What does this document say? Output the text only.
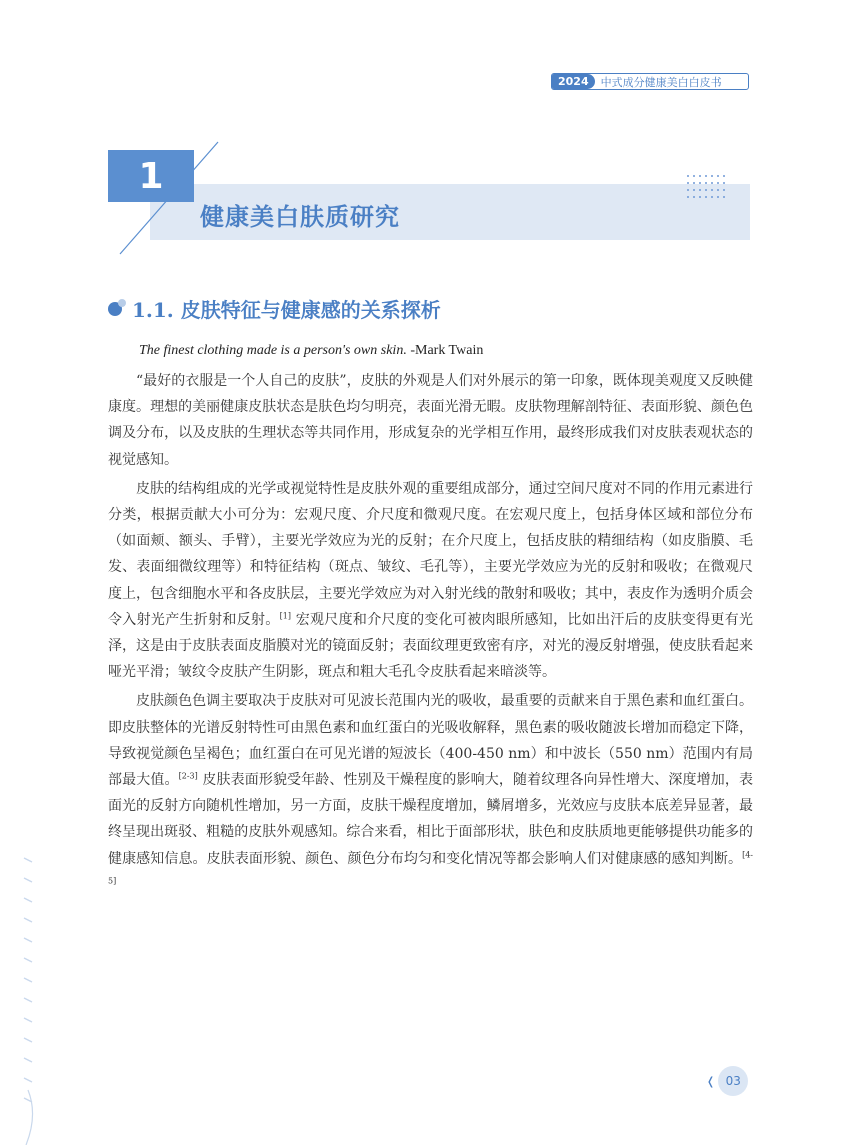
2024	中式成分健康美白白皮书
1
健康美白肤质研究
1.1. 皮肤特征与健康感的关系探析
The finest clothing made is a person's own skin. -Mark Twain

“最好的衣服是一个人自己的皮肤”，皮肤的外观是人们对外展示的第一印象，既体现美观度又反映健康度。理想的美丽健康皮肤状态是肤色均匀明亮，表面光滑无暇。皮肤物理解剖特征、表面形貌、颜色色调及分布，以及皮肤的生理状态等共同作用，形成复杂的光学相互作用，最终形成我们对皮肤表观状态的视觉感知。

皮肤的结构组成的光学或视觉特性是皮肤外观的重要组成部分，通过空间尺度对不同的作用元素进行分类，根据贡献大小可分为：宏观尺度、介尺度和微观尺度。在宏观尺度上，包括身体区域和部位分布（如面颊、额头、手臂），主要光学效应为光的反射；在介尺度上，包括皮肤的精细结构（如皮脂膜、毛发、表面细微纹理等）和特征结构（斑点、皱纹、毛孔等），主要光学效应为光的反射和吸收；在微观尺度上，包含细胞水平和各皮肤层，主要光学效应为对入射光线的散射和吸收；其中，表皮作为透明介质会令入射光产生折射和反射。[1] 宏观尺度和介尺度的变化可被肉眼所感知，比如出汗后的皮肤变得更有光泽，这是由于皮肤表面皮脂膜对光的镜面反射；表面纹理更致密有序，对光的漫反射增强，使皮肤看起来哑光平滑；皱纹令皮肤产生阴影，斑点和粗大毛孔令皮肤看起来暗淡等。

皮肤颜色色调主要取决于皮肤对可见波长范围内光的吸收，最重要的贡献来自于黑色素和血红蛋白。即皮肤整体的光谱反射特性可由黑色素和血红蛋白的光吸收解释，黑色素的吸收随波长增加而稳定下降，导致视觉颜色呈褐色；血红蛋白在可见光谱的短波长（400-450 nm）和中波长（550 nm）范围内有局部最大值。[2-3] 皮肤表面形貌受年龄、性别及干燥程度的影响大，随着纹理各向异性增大、深度增加，表面光的反射方向随机性增加，另一方面，皮肤干燥程度增加，鳞屑增多，光效应与皮肤本底差异显著，最终呈现出斑驳、粗糙的皮肤外观感知。综合来看，相比于面部形状，肤色和皮肤质地更能够提供功能多的健康感知信息。皮肤表面形貌、颜色、颜色分布均匀和变化情况等都会影响人们对健康感的感知判断。[4-5]

❬ 03
